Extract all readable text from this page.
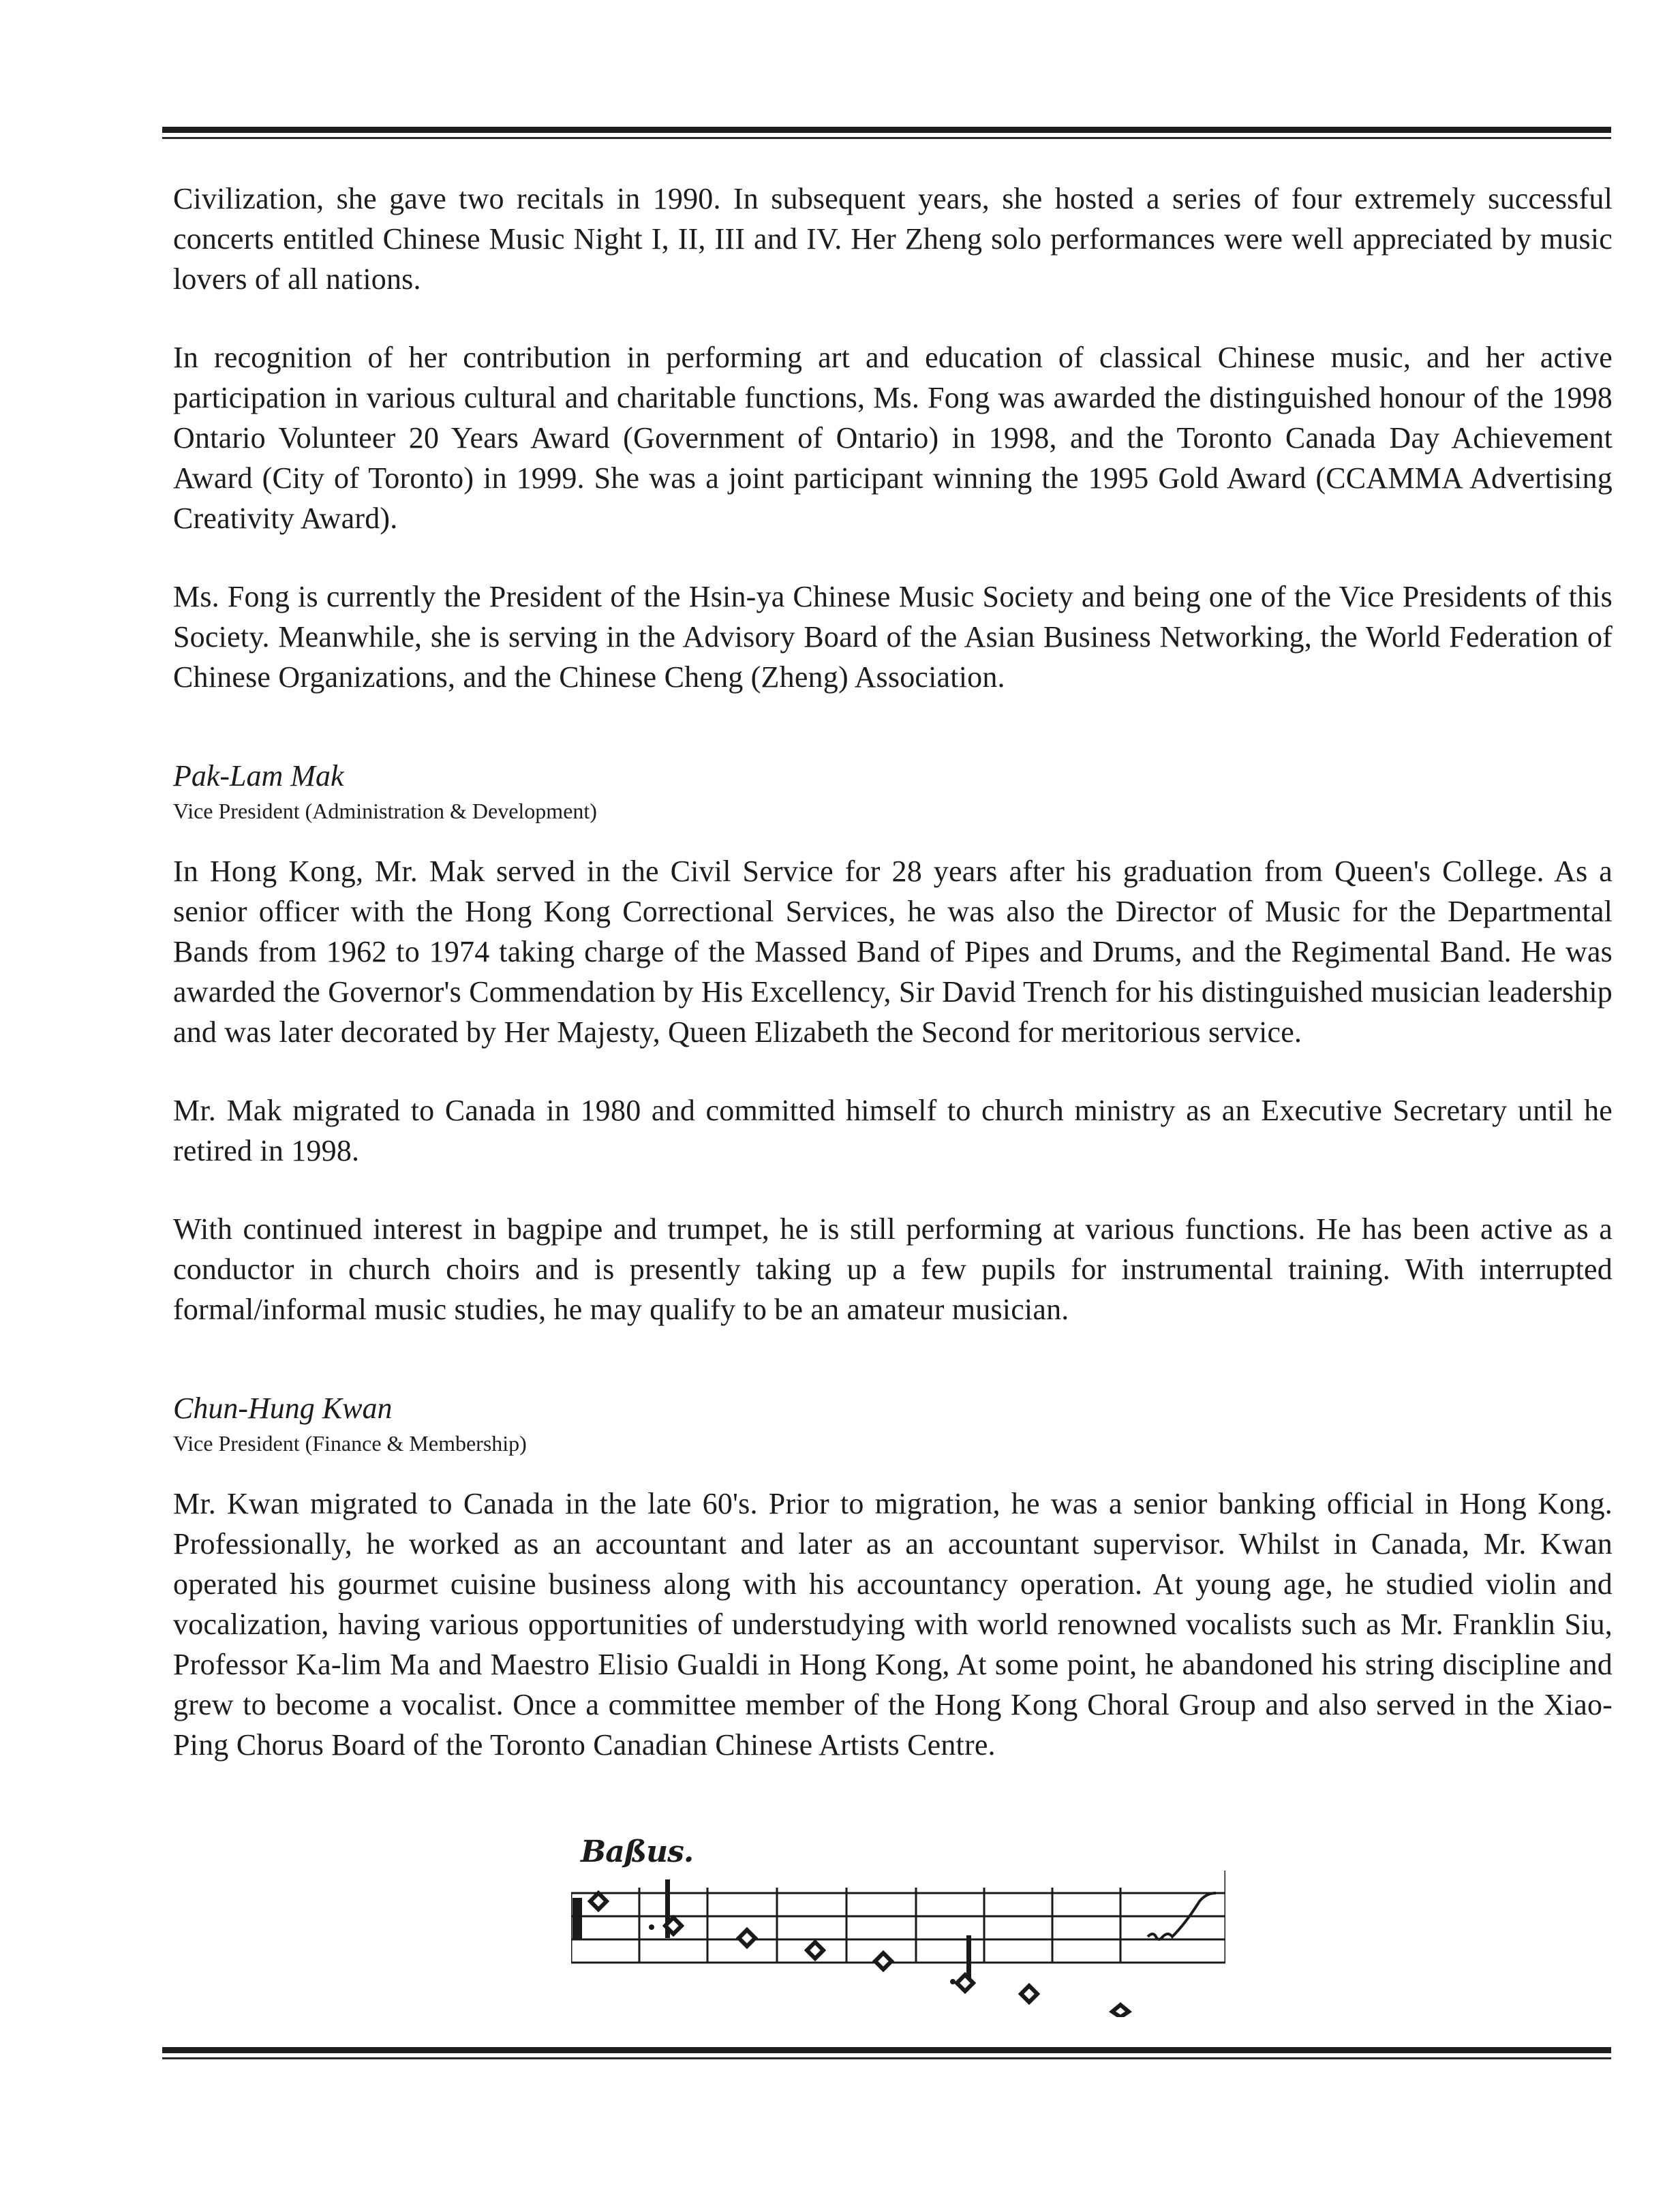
Civilization, she gave two recitals in 1990. In subsequent years, she hosted a series of four extremely successful concerts entitled Chinese Music Night I, II, III and IV. Her Zheng solo performances were well appreciated by music lovers of all nations.

In recognition of her contribution in performing art and education of classical Chinese music, and her active participation in various cultural and charitable functions, Ms. Fong was awarded the distinguished honour of the 1998 Ontario Volunteer 20 Years Award (Government of Ontario) in 1998, and the Toronto Canada Day Achievement Award (City of Toronto) in 1999. She was a joint participant winning the 1995 Gold Award (CCAMMA Advertising Creativity Award).

Ms. Fong is currently the President of the Hsin-ya Chinese Music Society and being one of the Vice Presidents of this Society. Meanwhile, she is serving in the Advisory Board of the Asian Business Networking, the World Federation of Chinese Organizations, and the Chinese Cheng (Zheng) Association.

Pak-Lam Mak

Vice President (Administration & Development)

In Hong Kong, Mr. Mak served in the Civil Service for 28 years after his graduation from Queen's College. As a senior officer with the Hong Kong Correctional Services, he was also the Director of Music for the Departmental Bands from 1962 to 1974 taking charge of the Massed Band of Pipes and Drums, and the Regimental Band. He was awarded the Governor's Commendation by His Excellency, Sir David Trench for his distinguished musician leadership and was later decorated by Her Majesty, Queen Elizabeth the Second for meritorious service.

Mr. Mak migrated to Canada in 1980 and committed himself to church ministry as an Executive Secretary until he retired in 1998.

With continued interest in bagpipe and trumpet, he is still performing at various functions. He has been active as a conductor in church choirs and is presently taking up a few pupils for instrumental training. With interrupted formal/informal music studies, he may qualify to be an amateur musician.

Chun-Hung Kwan

Vice President (Finance & Membership)

Mr. Kwan migrated to Canada in the late 60's. Prior to migration, he was a senior banking official in Hong Kong. Professionally, he worked as an accountant and later as an accountant supervisor. Whilst in Canada, Mr. Kwan operated his gourmet cuisine business along with his accountancy operation. At young age, he studied violin and vocalization, having various opportunities of understudying with world renowned vocalists such as Mr. Franklin Siu, Professor Ka-lim Ma and Maestro Elisio Gualdi in Hong Kong, At some point, he abandoned his string discipline and grew to become a vocalist. Once a committee member of the Hong Kong Choral Group and also served in the Xiao-Ping Chorus Board of the Toronto Canadian Chinese Artists Centre.

Baßus.
